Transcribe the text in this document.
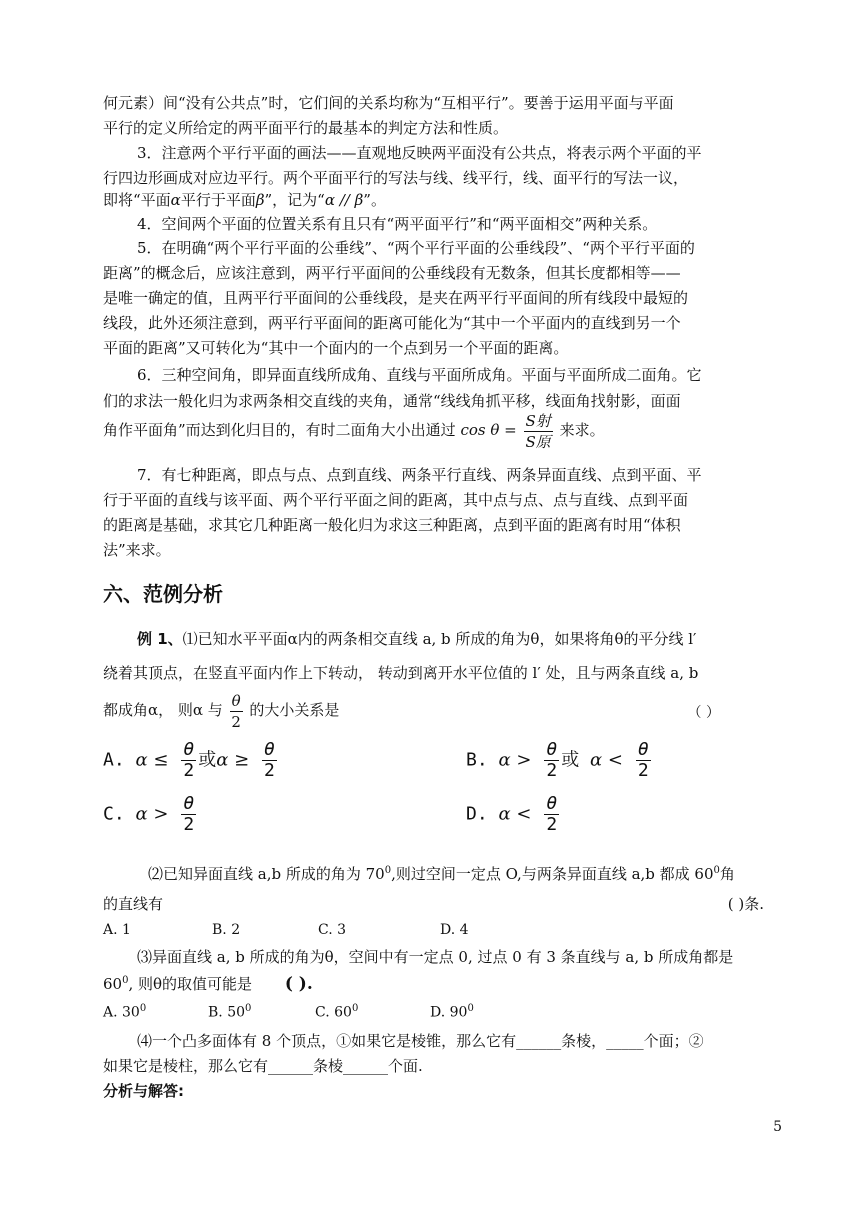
何元素）间“没有公共点”时，它们间的关系均称为“互相平行”。要善于运用平面与平面
平行的定义所给定的两平面平行的最基本的判定方法和性质。
3．注意两个平行平面的画法——直观地反映两平面没有公共点，将表示两个平面的平
行四边形画成对应边平行。两个平面平行的写法与线、线平行，线、面平行的写法一议，
即将“平面α平行于平面β”，记为“α // β”。
4．空间两个平面的位置关系有且只有“两平面平行”和“两平面相交”两种关系。
5．在明确“两个平行平面的公垂线”、“两个平行平面的公垂线段”、“两个平行平面的
距离”的概念后，应该注意到，两平行平面间的公垂线段有无数条，但其长度都相等——
是唯一确定的值，且两平行平面间的公垂线段，是夹在两平行平面间的所有线段中最短的
线段，此外还须注意到，两平行平面间的距离可能化为“其中一个平面内的直线到另一个
平面的距离”又可转化为“其中一个面内的一个点到另一个平面的距离。
6．三种空间角，即异面直线所成角、直线与平面所成角。平面与平面所成二面角。它
们的求法一般化归为求两条相交直线的夹角，通常“线线角抓平移，线面角找射影，面面
角作平面角”而达到化归目的，有时二面角大小出通过 $\cos \theta = \frac{\text{S射}}{\text{S原}}$ 来求。
7．有七种距离，即点与点、点到直线、两条平行直线、两条异面直线、点到平面、平
行于平面的直线与该平面、两个平行平面之间的距离，其中点与点、点与直线、点到平面
的距离是基础，求其它几种距离一般化归为求这三种距离，点到平面的距离有时用“体积
法”来求。
六、范例分析
例 1、⑴已知水平平面α内的两条相交直线 a, b 所成的角为θ，如果将角θ的平分线 l′
绕着其顶点，在竖直平面内作上下转动， 转动到离开水平位值的 l′ 处，且与两条直线 a, b
都成角α， 则α 与 $\frac{\theta}{2}$ 的大小关系是	（ ）
A. $\alpha \le \frac{\theta}{2}$ 或$\alpha \ge \frac{\theta}{2}$	B. $\alpha > \frac{\theta}{2}$ 或 $\alpha < \frac{\theta}{2}$
C. $\alpha > \frac{\theta}{2}$	D. $\alpha < \frac{\theta}{2}$
⑵已知异面直线 a,b 所成的角为 $70^0$,则过空间一定点 O,与两条异面直线 a,b 都成 $60^0$角
的直线有	( )条.
A. 1	B. 2	C. 3	D. 4
⑶异面直线 a, b 所成的角为θ，空间中有一定点 0, 过点 0 有 3 条直线与 a, b 所成角都是
$60^0$, 则θ的取值可能是 ( ).
A. $30^0$	B. $50^0$	C. $60^0$	D. $90^0$
⑷一个凸多面体有 8 个顶点，①如果它是棱锥，那么它有______条棱，_____个面；②
如果它是棱柱，那么它有______条棱______个面.
分析与解答:
5
